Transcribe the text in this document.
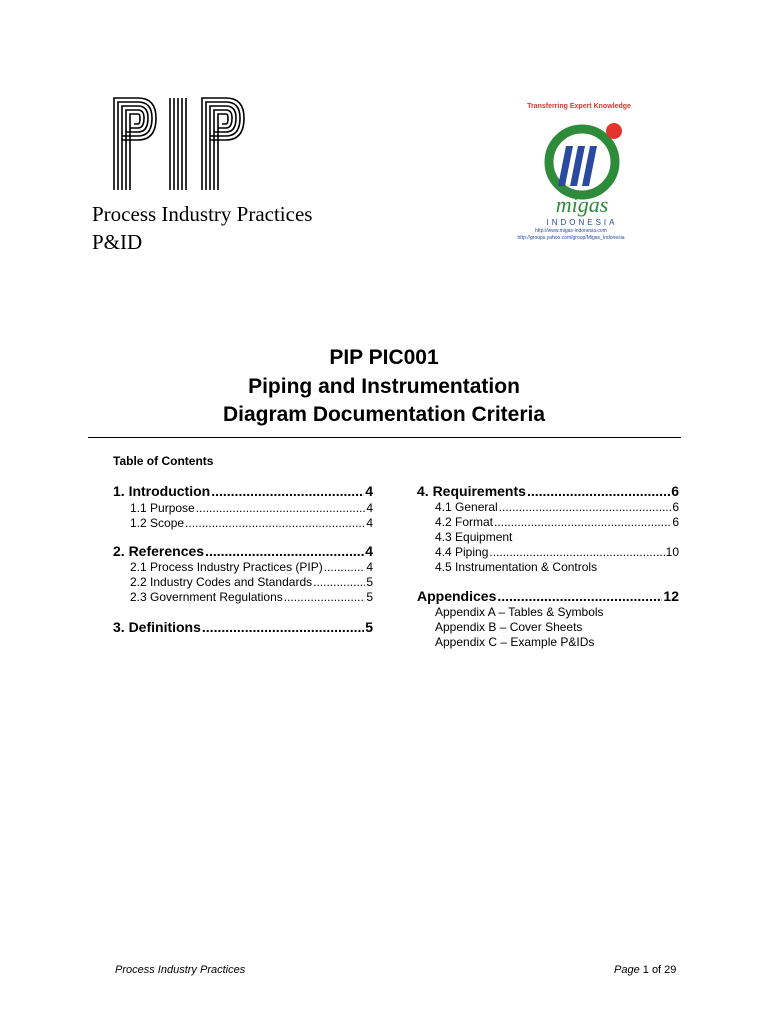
Process Industry Practices
P&ID
Transferring Expert Knowledge
migas
INDONESIA
http://www.migas-indonesia.com
http://groups.yahoo.com/group/Migas_Indonesia
PIP PIC001
Piping and Instrumentation
Diagram Documentation Criteria
Table of Contents
1. Introduction .....	4
1.1 Purpose .....	4
1.2 Scope .....	4
2. References .....	4
2.1 Process Industry Practices (PIP) .....	4
2.2 Industry Codes and Standards .....	5
2.3 Government Regulations .....	5
3. Definitions .....	5
4. Requirements .....	6
4.1 General .....	6
4.2 Format .....	6
4.3 Equipment
4.4 Piping .....	10
4.5 Instrumentation & Controls
Appendices .....	12
Appendix A – Tables & Symbols
Appendix B – Cover Sheets
Appendix C – Example P&IDs
Process Industry Practices	Page 1 of 29
